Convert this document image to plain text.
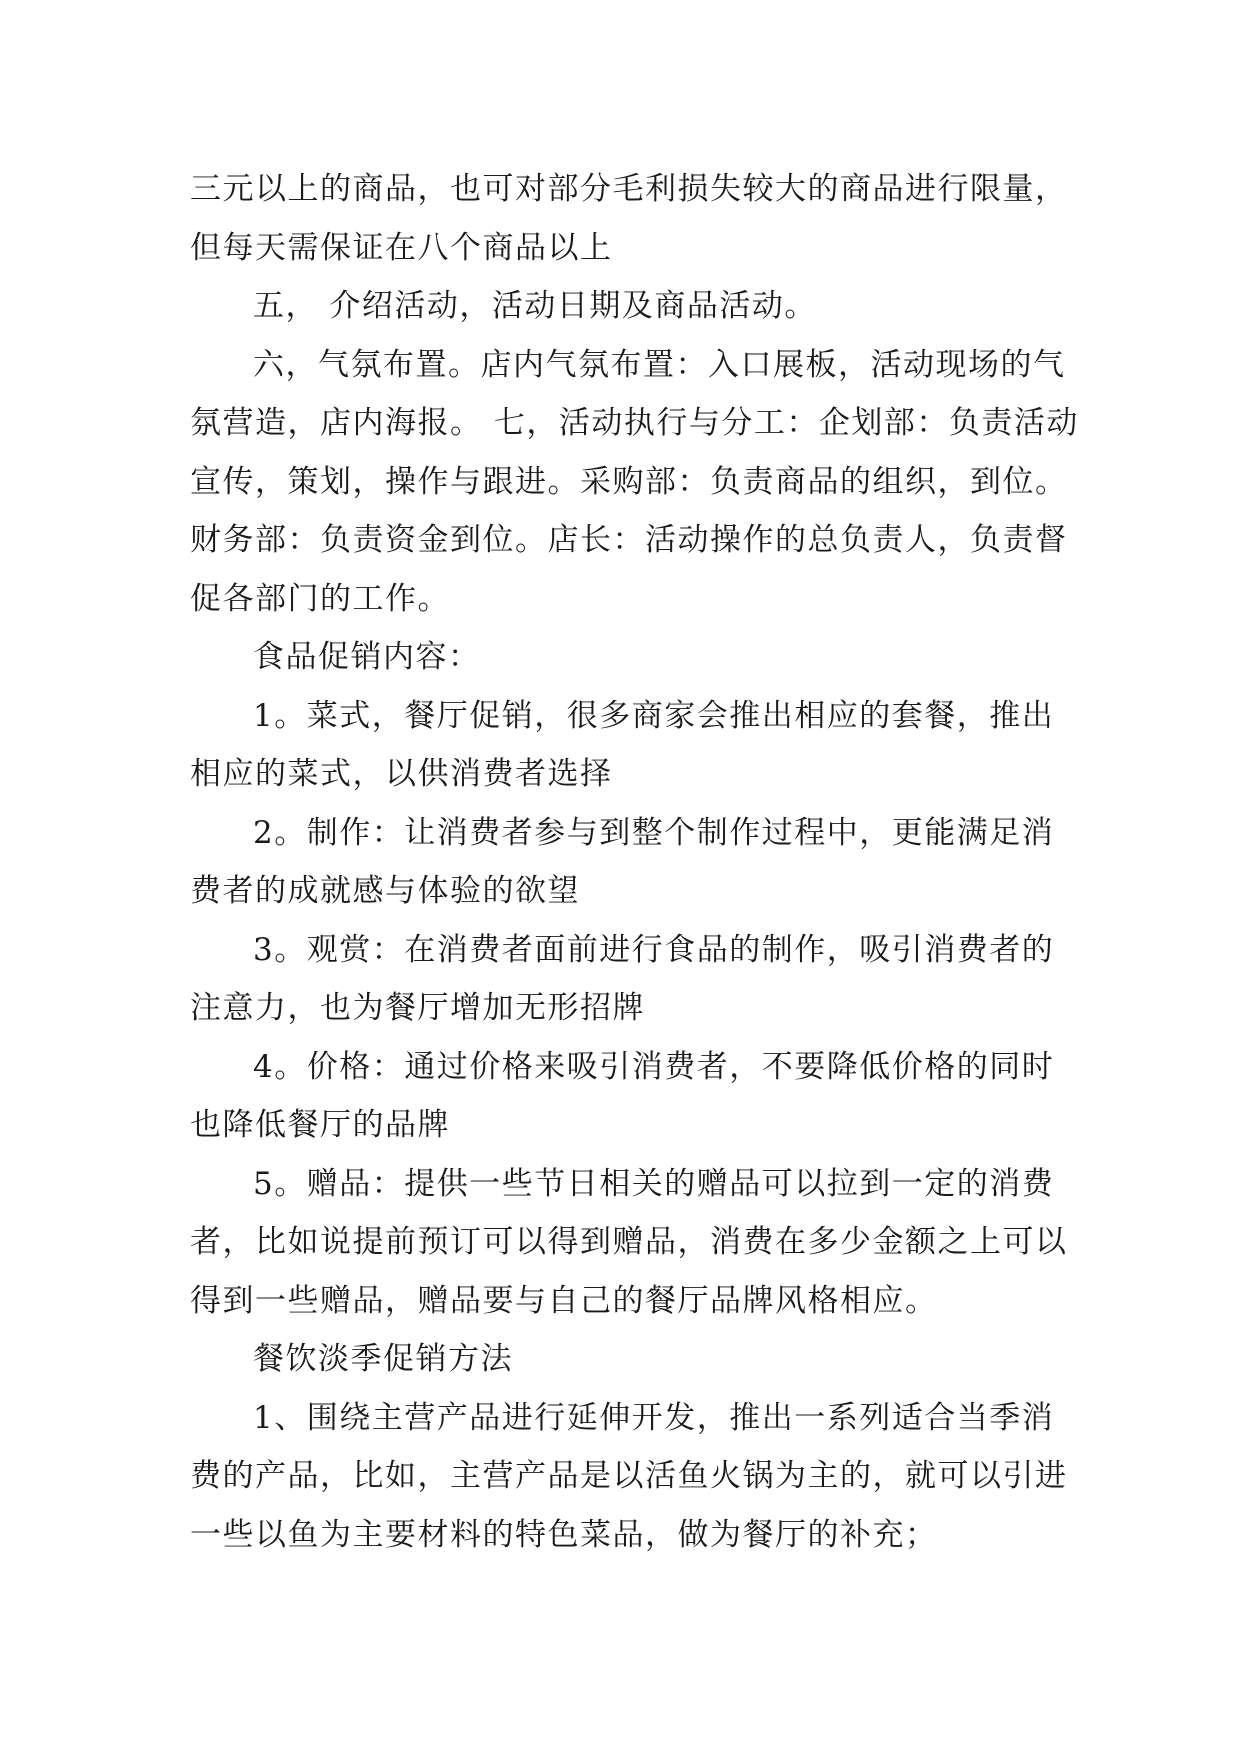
三元以上的商品，也可对部分毛利损失较大的商品进行限量，但每天需保证在八个商品以上

五， 介绍活动，活动日期及商品活动。

六，气氛布置。店内气氛布置：入口展板，活动现场的气氛营造，店内海报。 七，活动执行与分工：企划部：负责活动宣传，策划，操作与跟进。采购部：负责商品的组织，到位。财务部：负责资金到位。店长：活动操作的总负责人，负责督促各部门的工作。

食品促销内容：

1。菜式，餐厅促销，很多商家会推出相应的套餐，推出相应的菜式，以供消费者选择

2。制作：让消费者参与到整个制作过程中，更能满足消费者的成就感与体验的欲望

3。观赏：在消费者面前进行食品的制作，吸引消费者的注意力，也为餐厅增加无形招牌

4。价格：通过价格来吸引消费者，不要降低价格的同时也降低餐厅的品牌

5。赠品：提供一些节日相关的赠品可以拉到一定的消费者，比如说提前预订可以得到赠品，消费在多少金额之上可以得到一些赠品，赠品要与自己的餐厅品牌风格相应。

餐饮淡季促销方法

1、围绕主营产品进行延伸开发，推出一系列适合当季消费的产品，比如，主营产品是以活鱼火锅为主的，就可以引进一些以鱼为主要材料的特色菜品，做为餐厅的补充；
